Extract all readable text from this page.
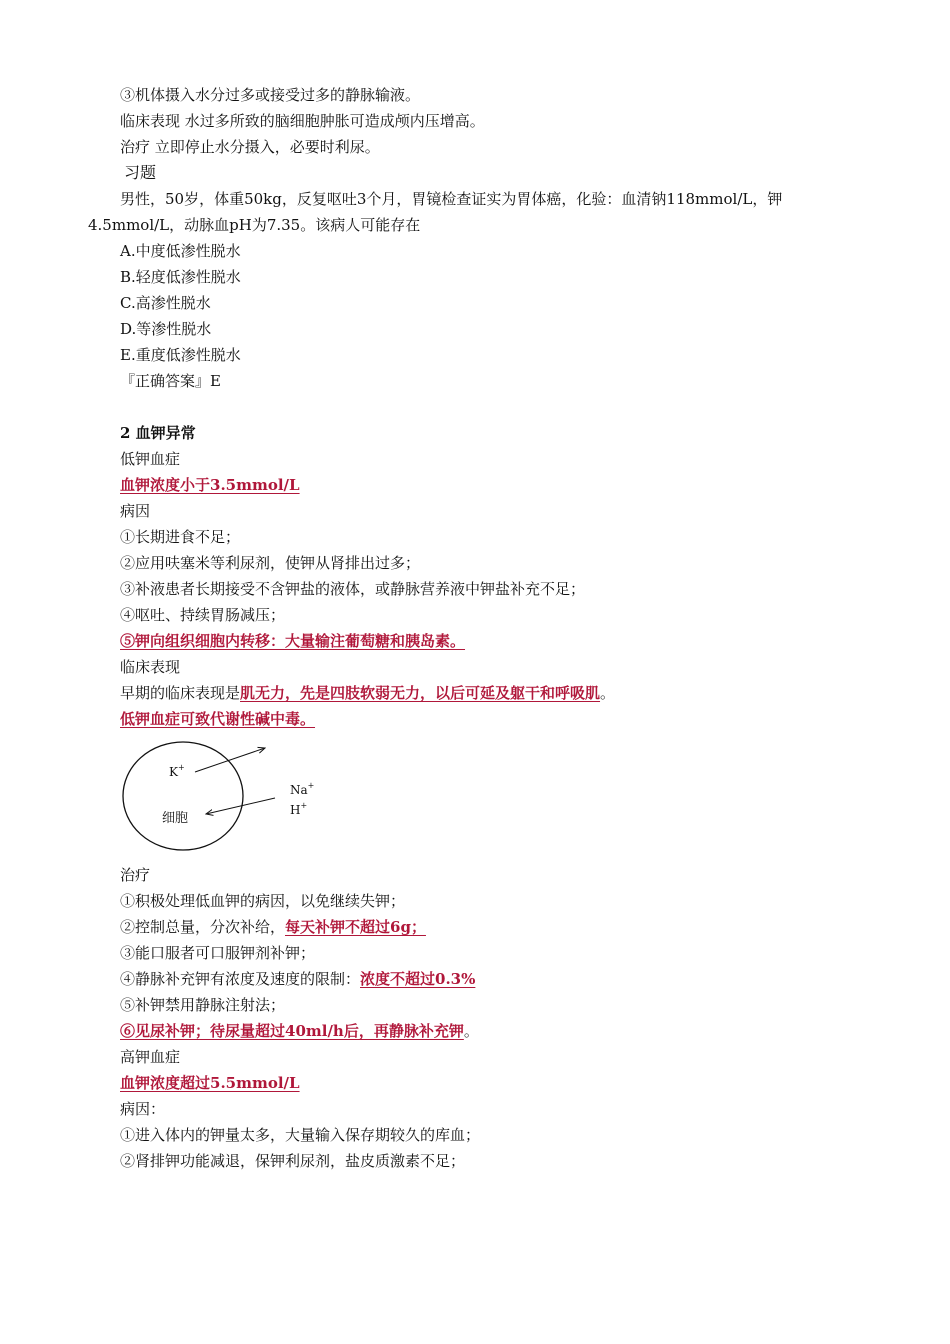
③机体摄入水分过多或接受过多的静脉输液。
临床表现 水过多所致的脑细胞肿胀可造成颅内压增高。
治疗 立即停止水分摄入，必要时利尿。
习题
男性，50岁，体重50kg，反复呕吐3个月，胃镜检查证实为胃体癌，化验：血清钠118mmol/L，钾
4.5mmol/L，动脉血pH为7.35。该病人可能存在
A.中度低渗性脱水
B.轻度低渗性脱水
C.高渗性脱水
D.等渗性脱水
E.重度低渗性脱水
『正确答案』E
2 血钾异常
低钾血症
血钾浓度小于3.5mmol/L
病因
①长期进食不足；
②应用呋塞米等利尿剂，使钾从肾排出过多；
③补液患者长期接受不含钾盐的液体，或静脉营养液中钾盐补充不足；
④呕吐、持续胃肠减压；
⑤钾向组织细胞内转移：大量输注葡萄糖和胰岛素。
临床表现
早期的临床表现是肌无力，先是四肢软弱无力，以后可延及躯干和呼吸肌。
低钾血症可致代谢性碱中毒。
K+
细胞
Na+
H+
治疗
①积极处理低血钾的病因，以免继续失钾；
②控制总量，分次补给，每天补钾不超过6g；
③能口服者可口服钾剂补钾；
④静脉补充钾有浓度及速度的限制：浓度不超过0.3%
⑤补钾禁用静脉注射法；
⑥见尿补钾；待尿量超过40ml/h后，再静脉补充钾。
高钾血症
血钾浓度超过5.5mmol/L
病因：
①进入体内的钾量太多，大量输入保存期较久的库血；
②肾排钾功能减退，保钾利尿剂，盐皮质激素不足；
